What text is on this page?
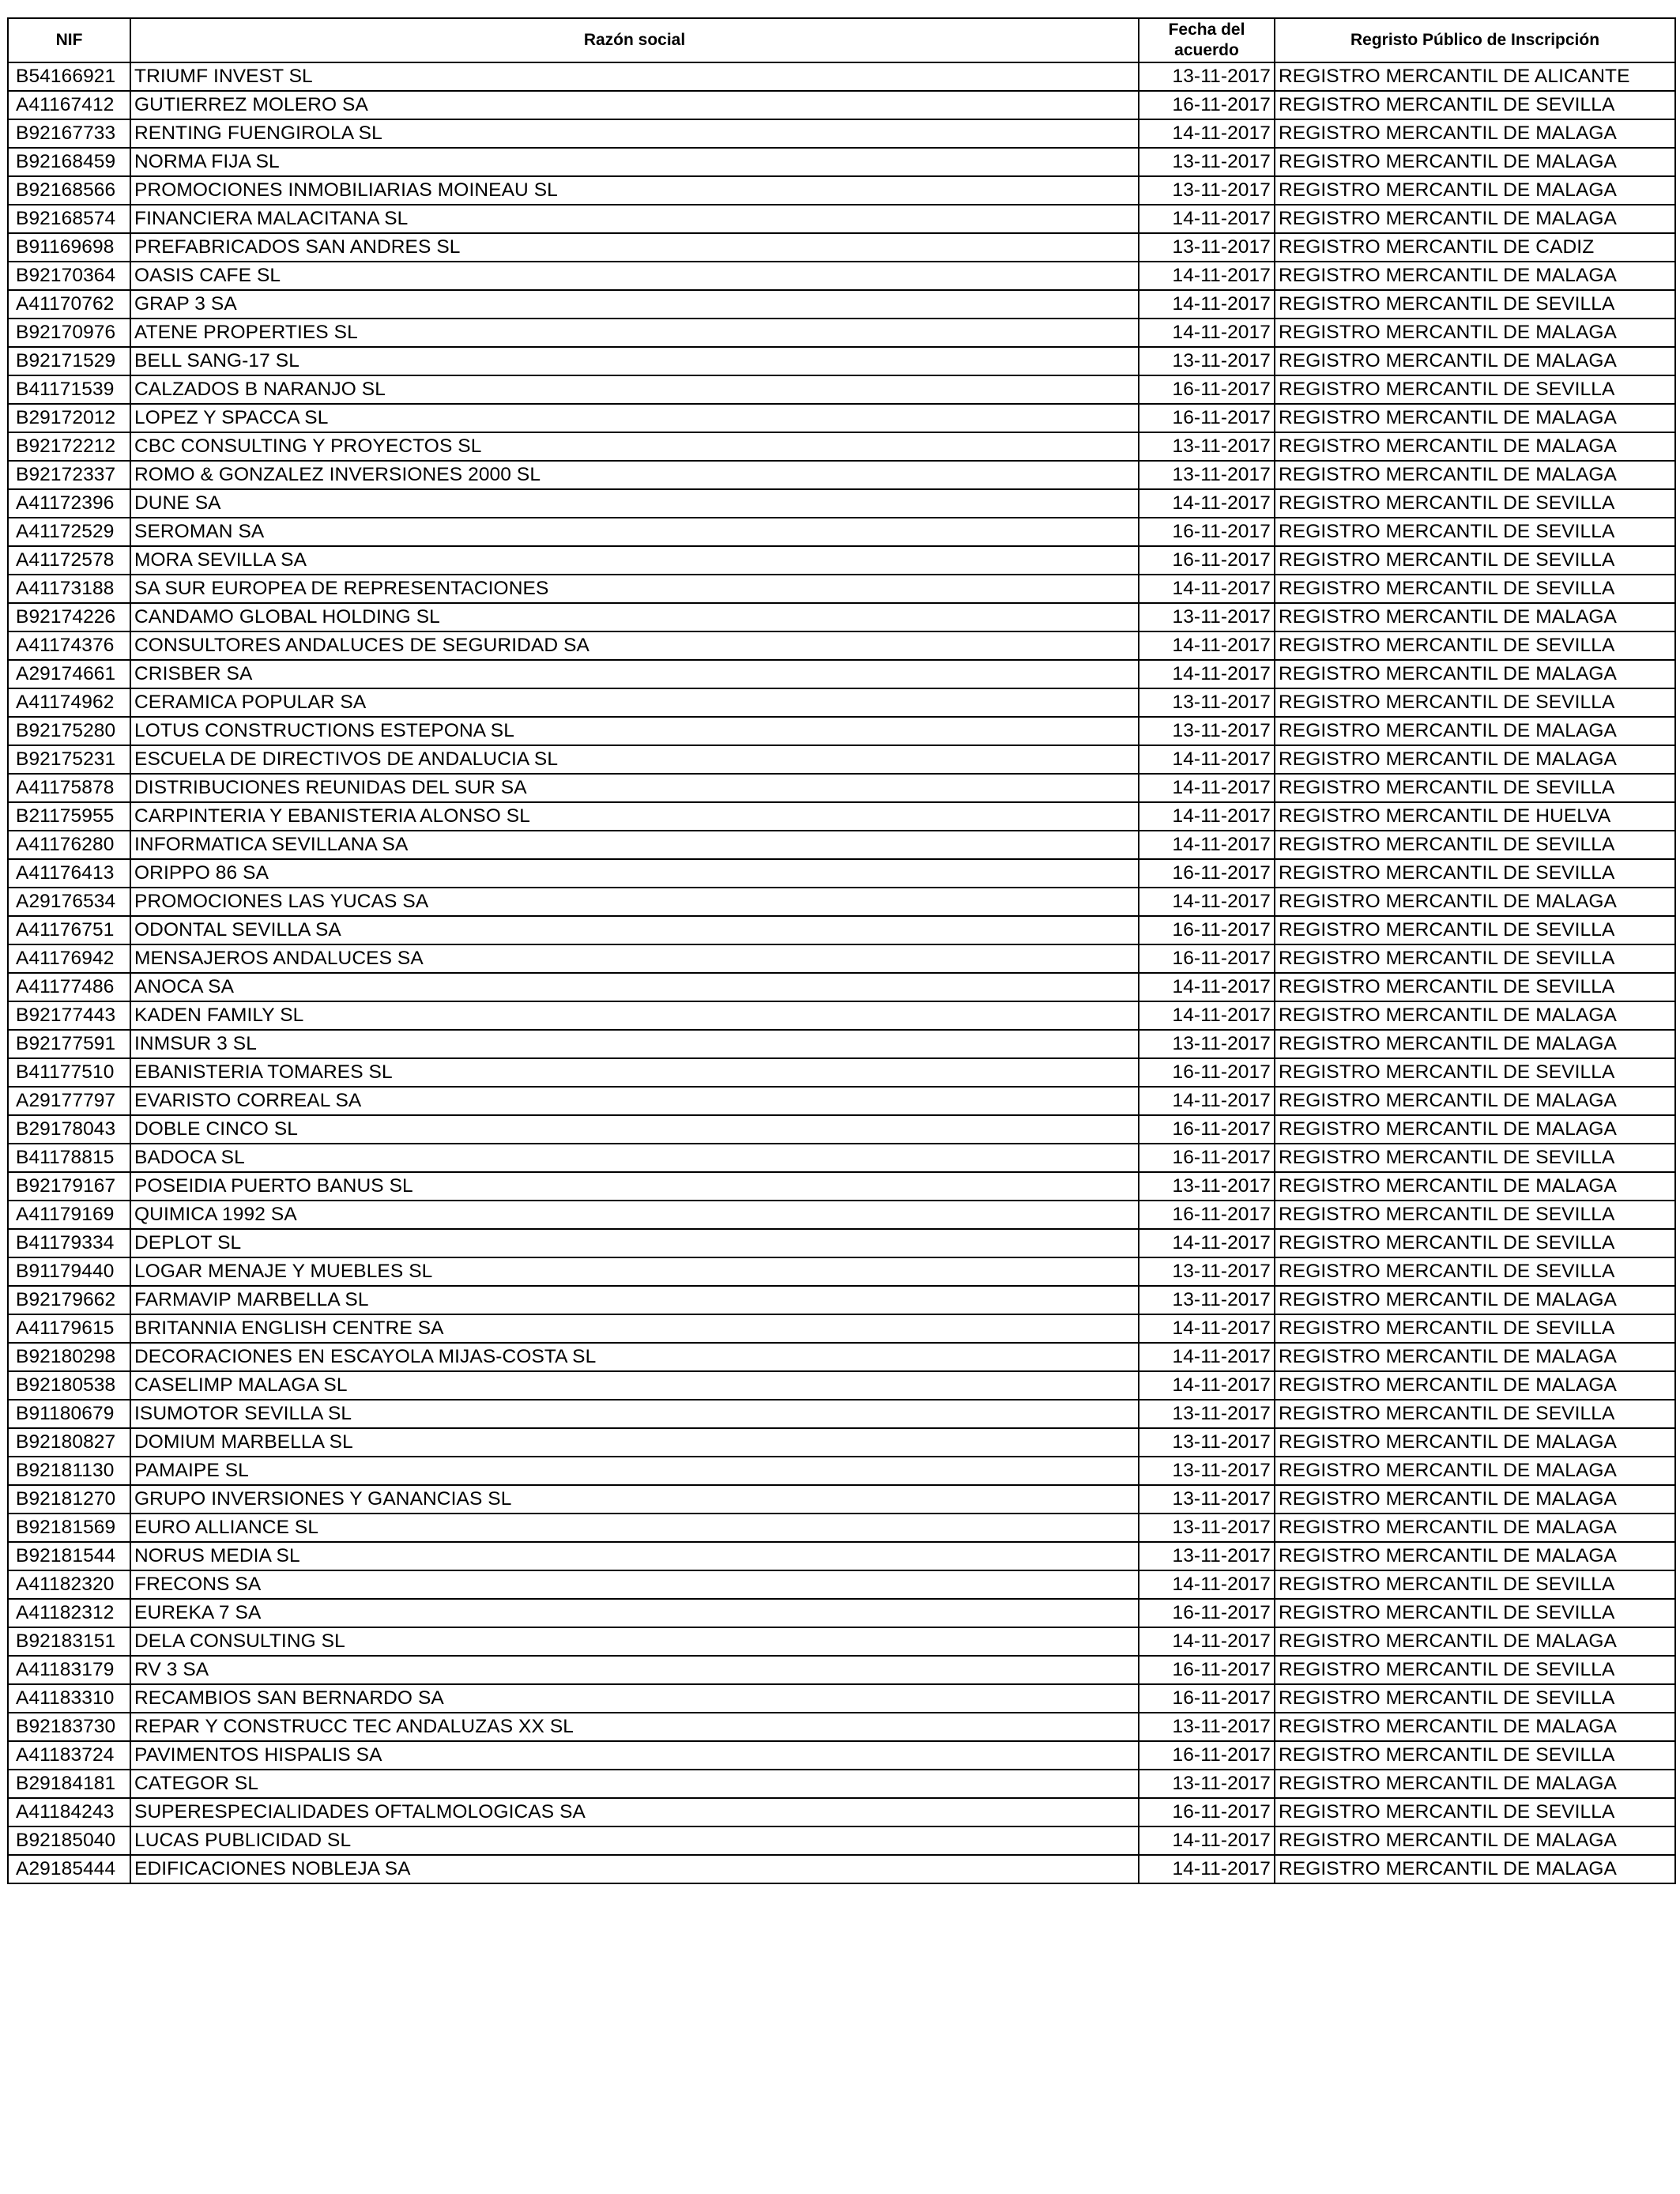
NIF	Razón social	Fecha del acuerdo	Regristo Público de Inscripción
B54166921	TRIUMF INVEST SL	13-11-2017	REGISTRO MERCANTIL DE ALICANTE
A41167412	GUTIERREZ MOLERO SA	16-11-2017	REGISTRO MERCANTIL DE SEVILLA
B92167733	RENTING FUENGIROLA SL	14-11-2017	REGISTRO MERCANTIL DE MALAGA
B92168459	NORMA FIJA SL	13-11-2017	REGISTRO MERCANTIL DE MALAGA
B92168566	PROMOCIONES INMOBILIARIAS MOINEAU SL	13-11-2017	REGISTRO MERCANTIL DE MALAGA
B92168574	FINANCIERA MALACITANA SL	14-11-2017	REGISTRO MERCANTIL DE MALAGA
B91169698	PREFABRICADOS SAN ANDRES SL	13-11-2017	REGISTRO MERCANTIL DE CADIZ
B92170364	OASIS CAFE SL	14-11-2017	REGISTRO MERCANTIL DE MALAGA
A41170762	GRAP 3 SA	14-11-2017	REGISTRO MERCANTIL DE SEVILLA
B92170976	ATENE PROPERTIES SL	14-11-2017	REGISTRO MERCANTIL DE MALAGA
B92171529	BELL SANG-17 SL	13-11-2017	REGISTRO MERCANTIL DE MALAGA
B41171539	CALZADOS B NARANJO SL	16-11-2017	REGISTRO MERCANTIL DE SEVILLA
B29172012	LOPEZ Y SPACCA SL	16-11-2017	REGISTRO MERCANTIL DE MALAGA
B92172212	CBC CONSULTING Y PROYECTOS SL	13-11-2017	REGISTRO MERCANTIL DE MALAGA
B92172337	ROMO & GONZALEZ INVERSIONES 2000 SL	13-11-2017	REGISTRO MERCANTIL DE MALAGA
A41172396	DUNE SA	14-11-2017	REGISTRO MERCANTIL DE SEVILLA
A41172529	SEROMAN SA	16-11-2017	REGISTRO MERCANTIL DE SEVILLA
A41172578	MORA SEVILLA SA	16-11-2017	REGISTRO MERCANTIL DE SEVILLA
A41173188	SA SUR EUROPEA DE REPRESENTACIONES	14-11-2017	REGISTRO MERCANTIL DE SEVILLA
B92174226	CANDAMO GLOBAL HOLDING SL	13-11-2017	REGISTRO MERCANTIL DE MALAGA
A41174376	CONSULTORES ANDALUCES DE SEGURIDAD SA	14-11-2017	REGISTRO MERCANTIL DE SEVILLA
A29174661	CRISBER SA	14-11-2017	REGISTRO MERCANTIL DE MALAGA
A41174962	CERAMICA POPULAR SA	13-11-2017	REGISTRO MERCANTIL DE SEVILLA
B92175280	LOTUS CONSTRUCTIONS ESTEPONA SL	13-11-2017	REGISTRO MERCANTIL DE MALAGA
B92175231	ESCUELA DE DIRECTIVOS DE ANDALUCIA SL	14-11-2017	REGISTRO MERCANTIL DE MALAGA
A41175878	DISTRIBUCIONES REUNIDAS DEL SUR SA	14-11-2017	REGISTRO MERCANTIL DE SEVILLA
B21175955	CARPINTERIA Y EBANISTERIA ALONSO SL	14-11-2017	REGISTRO MERCANTIL DE HUELVA
A41176280	INFORMATICA SEVILLANA SA	14-11-2017	REGISTRO MERCANTIL DE SEVILLA
A41176413	ORIPPO 86 SA	16-11-2017	REGISTRO MERCANTIL DE SEVILLA
A29176534	PROMOCIONES LAS YUCAS SA	14-11-2017	REGISTRO MERCANTIL DE MALAGA
A41176751	ODONTAL SEVILLA SA	16-11-2017	REGISTRO MERCANTIL DE SEVILLA
A41176942	MENSAJEROS ANDALUCES SA	16-11-2017	REGISTRO MERCANTIL DE SEVILLA
A41177486	ANOCA SA	14-11-2017	REGISTRO MERCANTIL DE SEVILLA
B92177443	KADEN FAMILY SL	14-11-2017	REGISTRO MERCANTIL DE MALAGA
B92177591	INMSUR 3 SL	13-11-2017	REGISTRO MERCANTIL DE MALAGA
B41177510	EBANISTERIA TOMARES SL	16-11-2017	REGISTRO MERCANTIL DE SEVILLA
A29177797	EVARISTO CORREAL SA	14-11-2017	REGISTRO MERCANTIL DE MALAGA
B29178043	DOBLE CINCO SL	16-11-2017	REGISTRO MERCANTIL DE MALAGA
B41178815	BADOCA SL	16-11-2017	REGISTRO MERCANTIL DE SEVILLA
B92179167	POSEIDIA PUERTO BANUS SL	13-11-2017	REGISTRO MERCANTIL DE MALAGA
A41179169	QUIMICA 1992 SA	16-11-2017	REGISTRO MERCANTIL DE SEVILLA
B41179334	DEPLOT SL	14-11-2017	REGISTRO MERCANTIL DE SEVILLA
B91179440	LOGAR MENAJE Y MUEBLES SL	13-11-2017	REGISTRO MERCANTIL DE SEVILLA
B92179662	FARMAVIP MARBELLA SL	13-11-2017	REGISTRO MERCANTIL DE MALAGA
A41179615	BRITANNIA ENGLISH CENTRE SA	14-11-2017	REGISTRO MERCANTIL DE SEVILLA
B92180298	DECORACIONES EN ESCAYOLA MIJAS-COSTA SL	14-11-2017	REGISTRO MERCANTIL DE MALAGA
B92180538	CASELIMP MALAGA SL	14-11-2017	REGISTRO MERCANTIL DE MALAGA
B91180679	ISUMOTOR SEVILLA SL	13-11-2017	REGISTRO MERCANTIL DE SEVILLA
B92180827	DOMIUM MARBELLA SL	13-11-2017	REGISTRO MERCANTIL DE MALAGA
B92181130	PAMAIPE SL	13-11-2017	REGISTRO MERCANTIL DE MALAGA
B92181270	GRUPO INVERSIONES Y GANANCIAS SL	13-11-2017	REGISTRO MERCANTIL DE MALAGA
B92181569	EURO ALLIANCE SL	13-11-2017	REGISTRO MERCANTIL DE MALAGA
B92181544	NORUS MEDIA SL	13-11-2017	REGISTRO MERCANTIL DE MALAGA
A41182320	FRECONS SA	14-11-2017	REGISTRO MERCANTIL DE SEVILLA
A41182312	EUREKA 7 SA	16-11-2017	REGISTRO MERCANTIL DE SEVILLA
B92183151	DELA CONSULTING SL	14-11-2017	REGISTRO MERCANTIL DE MALAGA
A41183179	RV 3 SA	16-11-2017	REGISTRO MERCANTIL DE SEVILLA
A41183310	RECAMBIOS SAN BERNARDO SA	16-11-2017	REGISTRO MERCANTIL DE SEVILLA
B92183730	REPAR Y CONSTRUCC TEC ANDALUZAS XX SL	13-11-2017	REGISTRO MERCANTIL DE MALAGA
A41183724	PAVIMENTOS HISPALIS SA	16-11-2017	REGISTRO MERCANTIL DE SEVILLA
B29184181	CATEGOR SL	13-11-2017	REGISTRO MERCANTIL DE MALAGA
A41184243	SUPERESPECIALIDADES OFTALMOLOGICAS SA	16-11-2017	REGISTRO MERCANTIL DE SEVILLA
B92185040	LUCAS PUBLICIDAD SL	14-11-2017	REGISTRO MERCANTIL DE MALAGA
A29185444	EDIFICACIONES NOBLEJA SA	14-11-2017	REGISTRO MERCANTIL DE MALAGA
